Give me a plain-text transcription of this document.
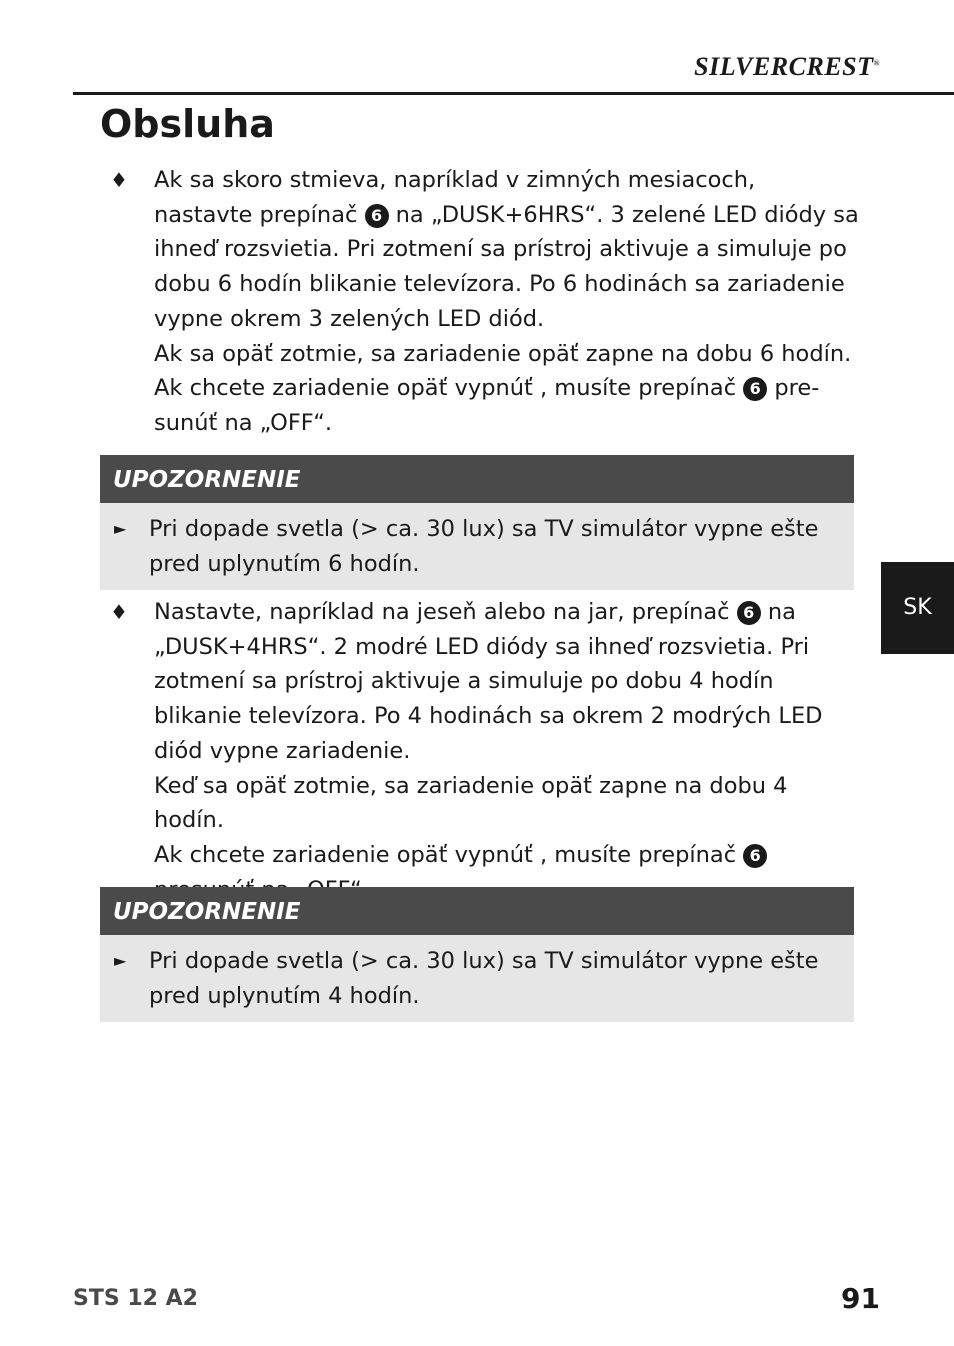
SILVERCREST®
Obsluha
♦ Ak sa skoro stmieva, napríklad v zimných mesiacoch, nastavte prepínač 6 na „DUSK+6HRS“. 3 zelené LED diódy sa ihneď rozsvietia. Pri zotmení sa prístroj aktivuje a simuluje po dobu 6 hodín blikanie televízora. Po 6 hodinách sa zariadenie vypne okrem 3 zelených LED diód.

Ak sa opäť zotmie, sa zariadenie opäť zapne na dobu 6 hodín.

Ak chcete zariadenie opäť vypnúť , musíte prepínač 6 pre-sunúť na „OFF“.

UPOZORNENIE
► Pri dopade svetla (> ca. 30 lux) sa TV simulátor vypne ešte pred uplynutím 6 hodín.
♦ Nastavte, napríklad na jeseň alebo na jar, prepínač 6 na „DUSK+4HRS“. 2 modré LED diódy sa ihneď rozsvietia. Pri zotmení sa prístroj aktivuje a simuluje po dobu 4 hodín blikanie televízora. Po 4 hodinách sa okrem 2 modrých LED diód vypne zariadenie.

Keď sa opäť zotmie, sa zariadenie opäť zapne na dobu 4 hodín.

Ak chcete zariadenie opäť vypnúť , musíte prepínač 6

UPOZORNENIE
► Pri dopade svetla (> ca. 30 lux) sa TV simulátor vypne ešte pred uplynutím 4 hodín.
SK
STS 12 A2	91
